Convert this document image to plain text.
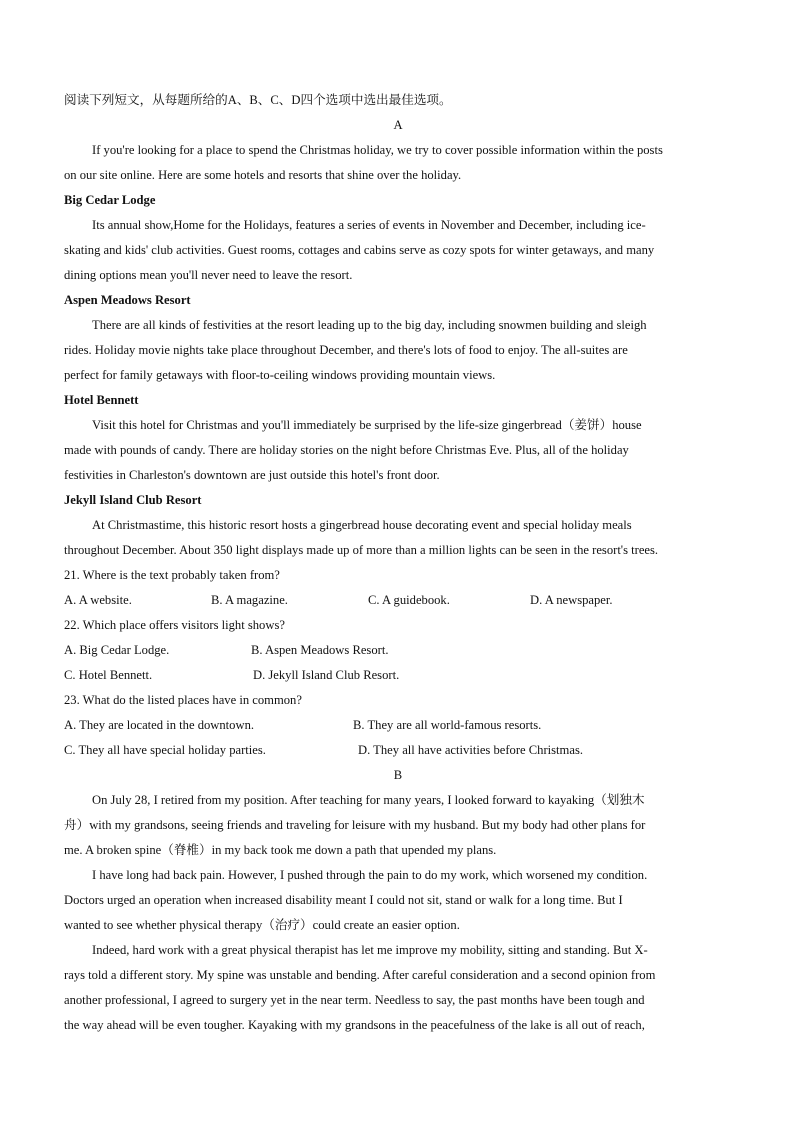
阅读下列短文，从每题所给的A、B、C、D四个选项中选出最佳选项。
A
If you're looking for a place to spend the Christmas holiday, we try to cover possible information within the posts
on our site online. Here are some hotels and resorts that shine over the holiday.
Big Cedar Lodge
Its annual show,Home for the Holidays, features a series of events in November and December, including ice-
skating and kids' club activities. Guest rooms, cottages and cabins serve as cozy spots for winter getaways, and many
dining options mean you'll never need to leave the resort.
Aspen Meadows Resort
There are all kinds of festivities at the resort leading up to the big day, including snowmen building and sleigh
rides. Holiday movie nights take place throughout December, and there's lots of food to enjoy. The all-suites are
perfect for family getaways with floor-to-ceiling windows providing mountain views.
Hotel Bennett
Visit this hotel for Christmas and you'll immediately be surprised by the life-size gingerbread（姜饼）house
made with pounds of candy. There are holiday stories on the night before Christmas Eve. Plus, all of the holiday
festivities in Charleston's downtown are just outside this hotel's front door.
Jekyll Island Club Resort
At Christmastime, this historic resort hosts a gingerbread house decorating event and special holiday meals
throughout December. About 350 light displays made up of more than a million lights can be seen in the resort's trees.
21. Where is the text probably taken from?
A. A website.	B. A magazine.	C. A guidebook.	D. A newspaper.
22. Which place offers visitors light shows?
A. Big Cedar Lodge.	B. Aspen Meadows Resort.
C. Hotel Bennett.	D. Jekyll Island Club Resort.
23. What do the listed places have in common?
A. They are located in the downtown.	B. They are all world-famous resorts.
C. They all have special holiday parties.	D. They all have activities before Christmas.
B
On July 28, I retired from my position. After teaching for many years, I looked forward to kayaking（划独木
舟）with my grandsons, seeing friends and traveling for leisure with my husband. But my body had other plans for
me. A broken spine（脊椎）in my back took me down a path that upended my plans.
I have long had back pain. However, I pushed through the pain to do my work, which worsened my condition.
Doctors urged an operation when increased disability meant I could not sit, stand or walk for a long time. But I
wanted to see whether physical therapy（治疗）could create an easier option.
Indeed, hard work with a great physical therapist has let me improve my mobility, sitting and standing. But X-
rays told a different story. My spine was unstable and bending. After careful consideration and a second opinion from
another professional, I agreed to surgery yet in the near term. Needless to say, the past months have been tough and
the way ahead will be even tougher. Kayaking with my grandsons in the peacefulness of the lake is all out of reach,
